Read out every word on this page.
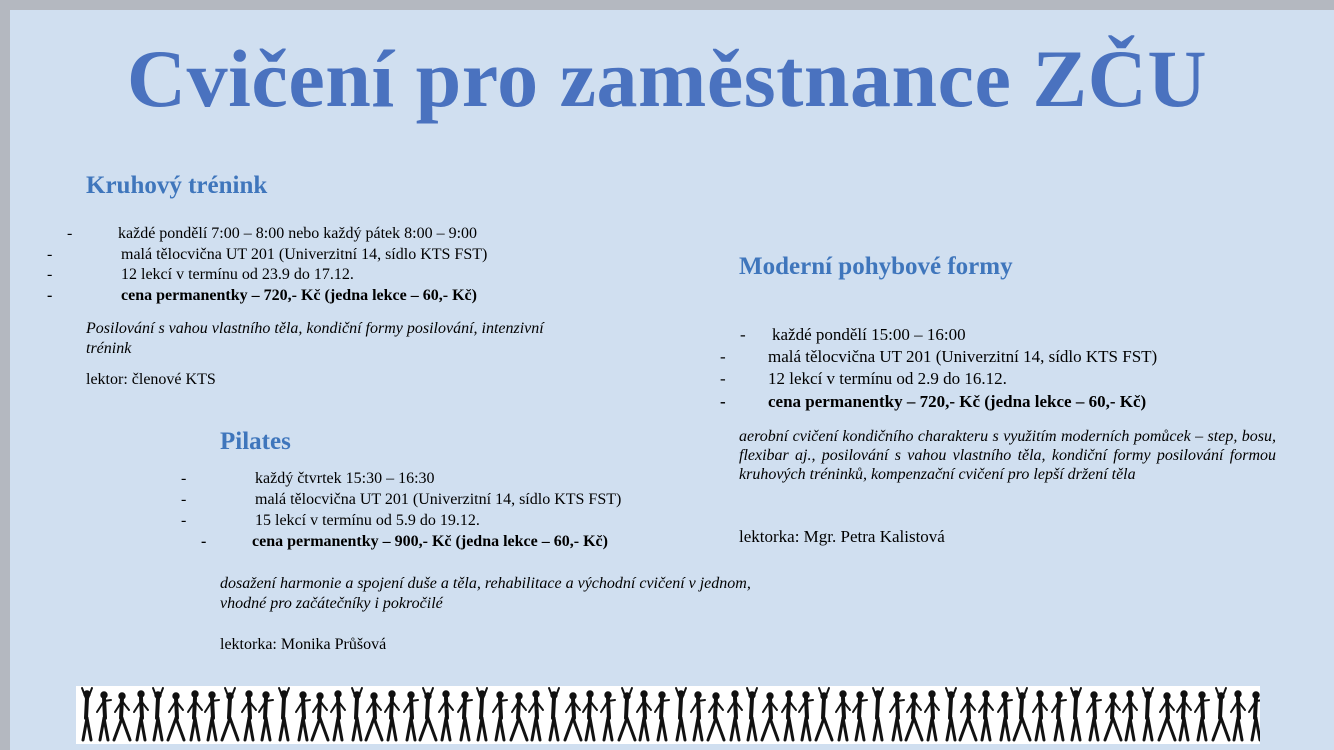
Cvičení pro zaměstnance ZČU
Kruhový trénink
-	každé pondělí 7:00 – 8:00 nebo každý pátek 8:00 – 9:00
-	malá tělocvična UT 201 (Univerzitní 14, sídlo KTS FST)
-	12 lekcí v termínu od 23.9 do 17.12.
-	cena permanentky – 720,- Kč (jedna lekce – 60,- Kč)
Posilování s vahou vlastního těla, kondiční formy posilování, intenzivní
trénink
lektor: členové KTS
Pilates
-	každý čtvrtek 15:30 – 16:30
-	malá tělocvična UT 201 (Univerzitní 14, sídlo KTS FST)
-	15 lekcí v termínu od 5.9 do 19.12.
-	cena permanentky – 900,- Kč (jedna lekce – 60,- Kč)
dosažení harmonie a spojení duše a těla, rehabilitace a východní cvičení v jednom,
vhodné pro začátečníky i pokročilé
lektorka: Monika Průšová
Moderní pohybové formy
- každé pondělí 15:00 – 16:00
- malá tělocvična UT 201 (Univerzitní 14, sídlo KTS FST)
- 12 lekcí v termínu od 2.9 do 16.12.
- cena permanentky – 720,- Kč (jedna lekce – 60,- Kč)
aerobní cvičení kondičního charakteru s využitím moderních pomůcek – step, bosu, flexibar aj., posilování s vahou vlastního těla, kondiční formy posilování formou kruhových tréninků, kompenzační cvičení pro lepší držení těla
lektorka: Mgr. Petra Kalistová
